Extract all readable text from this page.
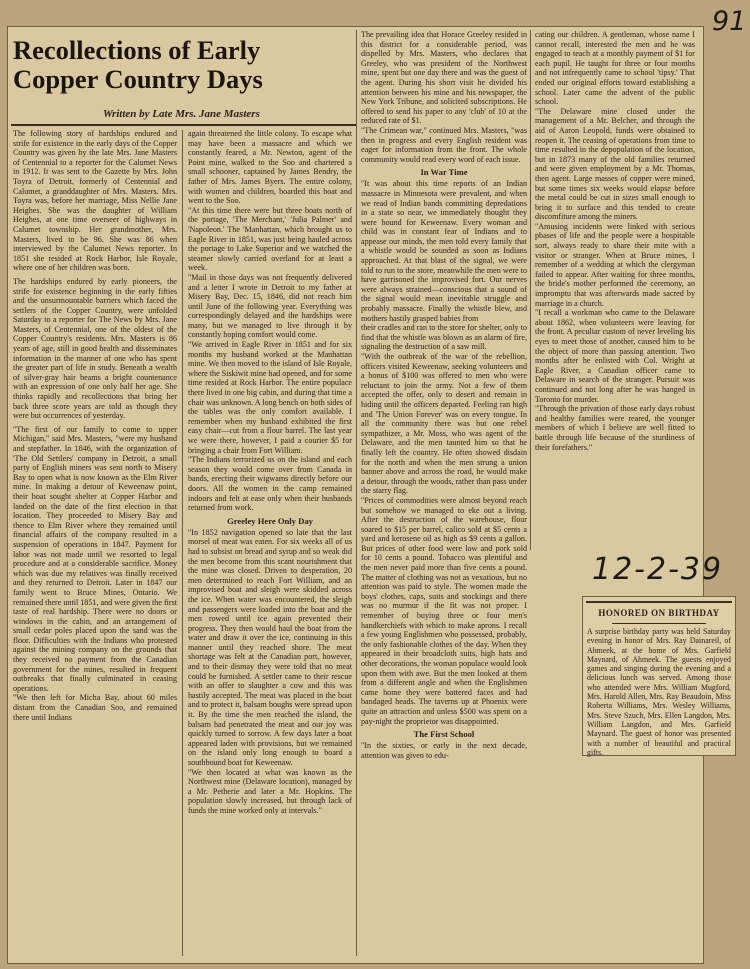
91
Recollections of Early
Copper Country Days
Written by Late Mrs. Jane Masters

The following story of hardships endured and strife for existence in the early days of the Copper Country was given by the late Mrs. Jane Masters of Centennial to a reporter for the Calumet News in 1912. It was sent to the Gazette by Mrs. John Toyra of Detroit, formerly of Centennial and Calumet, a granddaughter of Mrs. Masters. Mrs. Toyra was, before her marriage, Miss Nellie Jane Heighes. She was the daughter of William Heighes, at one time overseer of highways in Calumet township. Her grandmother, Mrs. Masters, lived to be 96. She was 86 when interviewed by the Calumet News reporter. In 1851 she resided at Rock Harbor, Isle Royale, where one of her children was born.

The hardships endured by early pioneers, the strife for existence beginning in the early fifties and the unsurmountable barriers which faced the settlers of the Copper Country, were unfolded Saturday to a reporter for The News by Mrs. Jane Masters, of Centennial, one of the oldest of the Copper Country's residents. Mrs. Masters is 86 years of age, still in good health and disseminates information in the manner of one who has spent the greater part of life in study. Beneath a wealth of silver-gray hair beams a bright countenance with an expression of one only half her age. She thinks rapidly and recollections that bring her back three score years are told as though they were but occurrences of yesterday.

"The first of our family to come to upper Michigan," said Mrs. Masters, "were my husband and stepfather. In 1846, with the organization of 'The Old Settlers' company in Detroit, a small party of English miners was sent north to Misery Bay to open what is now known as the Elm River mine. In making a detour of Keweenaw point, their boat sought shelter at Copper Harbor and landed on the date of the first election in that location. They proceeded to Misery Bay and thence to Elm River where they remained until financial affairs of the company resulted in a suspension of operations in 1847. Payment for labor was not made until we resorted to legal procedure and at a considerable sacrifice. Money which was due my relatives was finally received and they returned to Detroit. Later in 1847 our family went to Bruce Mines, Ontario. We remained there until 1851, and were given the first taste of real hardship. There were no doors or windows in the cabin, and an arrangement of small cedar poles placed upon the sand was the floor. Difficulties with the Indians who protested against the mining company on the grounds that they received no payment from the Canadian government for the mines, resulted in frequent outbreaks that finally culminated in ceasing operations.

"We then left for Micha Bay, about 60 miles distant from the Canadian Soo, and remained there until Indians

again threatened the little colony. To escape what may have been a massacre and which we constantly feared, a Mr. Newton, agent of the Point mine, walked to the Soo and chartered a small schooner, captained by James Bendry, the father of Mrs. James Byers. The entire colony, with women and children, boarded this boat and went to the Soo.
"At this time there were but three boats north of the portage, 'The Merchant,' 'Julia Palmer' and 'Napoleon.' The 'Manhattan, which brought us to Eagle River in 1851, was just being hauled across the portage to Lake Superior and we watched the steamer slowly carried overland for at least a week.
"Mail in those days was not frequently delivered and a letter I wrote in Detroit to my father at Misery Bay, Dec. 15, 1846, did not reach him until June of the following year. Everything was correspondingly delayed and the hardships were many, but we managed to live through it by constantly hoping comfort would come.
"We arrived in Eagle River in 1851 and for six months my husband worked at the Manhattan mine. We then moved to the island of Isle Royale, where the Siskiwit mine had opened, and for some time resided at Rock Harbor. The entire populace there lived in one big cabin, and during that time a chair was unknown. A long bench on both sides of the tables was the only comfort available. I remember when my husband exhibited the first easy chair—cut from a flour barrel. The last year we were there, however, I paid a courier $5 for bringing a chair from Fort William.
"The Indians terrorized us on the island and each season they would come over from Canada in bands, erecting their wigwams directly before our doors. All the women in the camp remained indoors and felt at ease only when their husbands returned from work.

Greeley Here Only Day

"In 1852 navigation opened so late that the last morsel of meat was eaten. For six weeks all of us had to subsist on bread and syrup and so weak did the men become from this scant nourishment that the mine was closed. Driven to desperation, 20 men determined to reach Fort William, and an improvised boat and sleigh were skidded across the ice. When water was encountered, the sleigh and passengers were loaded into the boat and the men rowed until ice again prevented their progress. They then would haul the boat from the water and draw it over the ice, continuing in this manner until they reached shore. The meat shortage was felt at the Canadian port, however, and to their dismay they were told that no meat could be furnished. A settler came to their rescue with an offer to slaughter a cow and this was hastily accepted. The meat was placed in the boat and to protect it, balsam boughs were spread upon it. By the time the men reached the island, the balsam had penetrated the meat and our joy was quickly turned to sorrow. A few days later a boat appeared laden with provisions, but we remained on the island only long enough to board a southbound boat for Keweenaw.
"We then located at what was known as the Northwest mine (Delaware location), managed by a Mr. Petherie and later a Mr. Hopkins. The population slowly increased, but through lack of funds the mine worked only at intervals."

The prevailing idea that Horace Greeley resided in this district for a considerable period, was dispelled by Mrs. Masters, who declares that Greeley, who was president of the Northwest mine, spent but one day there and was the guest of the agent. During his short visit he divided his attention between his mine and his newspaper, the New York Tribune, and solicited subscriptions. He offered to send his paper to any 'club' of 10 at the reduced rate of $1.
"The Crimean war," continued Mrs. Masters, "was then in progress and every English resident was eager for information from the front. The whole community would read every word of each issue.

In War Time

"It was about this time reports of an Indian massacre in Minnesota were prevalent, and when we read of Indian bands committing depredations in a state so near, we immediately thought they were bound for Keweenaw. Every woman and child was in constant fear of Indians and to appease our minds, the men told every family that a whistle would be sounded as soon as Indians approached. At that blast of the signal, we were told to run to the store, meanwhile the men were to have garrisoned the improvised fort. Our nerves were always strained—conscious that a sound of the signal would mean inevitable struggle and probably massacre. Finally the whistle blew, and mothers hastily grasped babies from

their cradles and ran to the store for shelter, only to find that the whistle was blown as an alarm of fire, signaling the destruction of a saw mill.
"With the outbreak of the war of the rebellion, officers visited Keweenaw, seeking volunteers and a bonus of $100 was offered to men who were reluctant to join the army. Not a few of them accepted the offer, only to desert and remain in hiding until the officers departed. Feeling ran high and 'The Union Forever' was on every tongue. In all the community there was but one rebel sympathizer, a Mr. Moss, who was agent of the Delaware, and the men taunted him so that he finally left the country. He often showed disdain for the north and when the men strung a union banner above and across the road, he would make a detour, through the woods, rather than pass under the starry flag.
"Prices of commodities were almost beyond reach but somehow we managed to eke out a living. After the destruction of the warehouse, flour soared to $15 per barrel, calico sold at $5 cents a yard and kerosene oil as high as $9 cents a gallon. But prices of other food were low and pork sold for 10 cents a pound. Tobacco was plentiful and the men never paid more than five cents a pound. The matter of clothing was not as vexatious, but no attention was paid to style. The women made the boys' clothes, caps, suits and stockings and there was no murmur if the fit was not proper. I remember of buying three or four men's handkerchiefs with which to make aprons. I recall a few young Englishmen who possessed, probably, the only fashionable clothes of the day. When they appeared in their broadcloth suits, high hats and other decorations, the woman populace would look upon them with awe. But the men looked at them from a different angle and when the Englishmen came home they were battered faces and had bandaged heads. The taverns up at Phoenix were quite an attraction and unless $500 was spent on a pay-night the proprietor was disappointed.

The First School

"In the sixties, or early in the next decade, attention was given to edu-

cating our children. A gentleman, whose name I cannot recall, interested the men and he was engaged to teach at a monthly payment of $1 for each pupil. He taught for three or four months and not infrequently came to school 'tipsy.' That ended our original efforts toward establishing a school. Later came the advent of the public school.
"The Delaware mine closed under the management of a Mr. Belcher, and through the aid of Aaron Leopold, funds were obtained to reopen it. The ceasing of operations from time to time resulted in the depopulation of the location, but in 1873 many of the old families returned and were given employment by a Mr. Thomas, then agent. Large masses of copper were mined, but some times six weeks would elapse before the metal could be cut in sizes small enough to bring it to surface and this tended to create discomfiture among the miners.
"Amusing incidents were linked with serious phases of life and the people were a hospitable sort, always ready to share their mite with a visitor or stranger. When at Bruce mines, I remember of a wedding at which the clergyman failed to appear. After waiting for three months, the bride's mother performed the ceremony, an impromptu that was afterwards made sacred by marriage in a church.
"I recall a workman who came to the Delaware about 1862, when volunteers were leaving for the front. A peculiar custom of never leveling his eyes to meet those of another, caused him to be the object of more than passing attention. Two months after he enlisted with Col. Wright at Eagle River, a Canadian officer came to Delaware in search of the stranger. Pursuit was continued and not long after he was hanged in Toronto for murder.
"Through the privation of those early days robust and healthy families were reared, the younger members of which I believe are well fitted to battle through life because of the sturdiness of their forefathers."

12-2-39
HONORED ON BIRTHDAY

A surprise birthday party was held Saturday evening in honor of Mrs. Ray Dainareil, of Ahmeek, at the home of Mrs. Garfield Maynard, of Ahmeek. The guests enjoyed games and singing during the evening and a delicious lunch was served. Among those who attended were Mrs. William Mugford, Mrs. Harold Allen, Mrs. Ray Beaudoin, Miss Roberta Williams, Mrs. Wesley Williams, Mrs. Steve Szuch, Mrs. Ellen Langdon, Mrs. William Langdon, and Mrs. Garfield Maynard. The guest of honor was presented with a number of beautiful and practical gifts.
